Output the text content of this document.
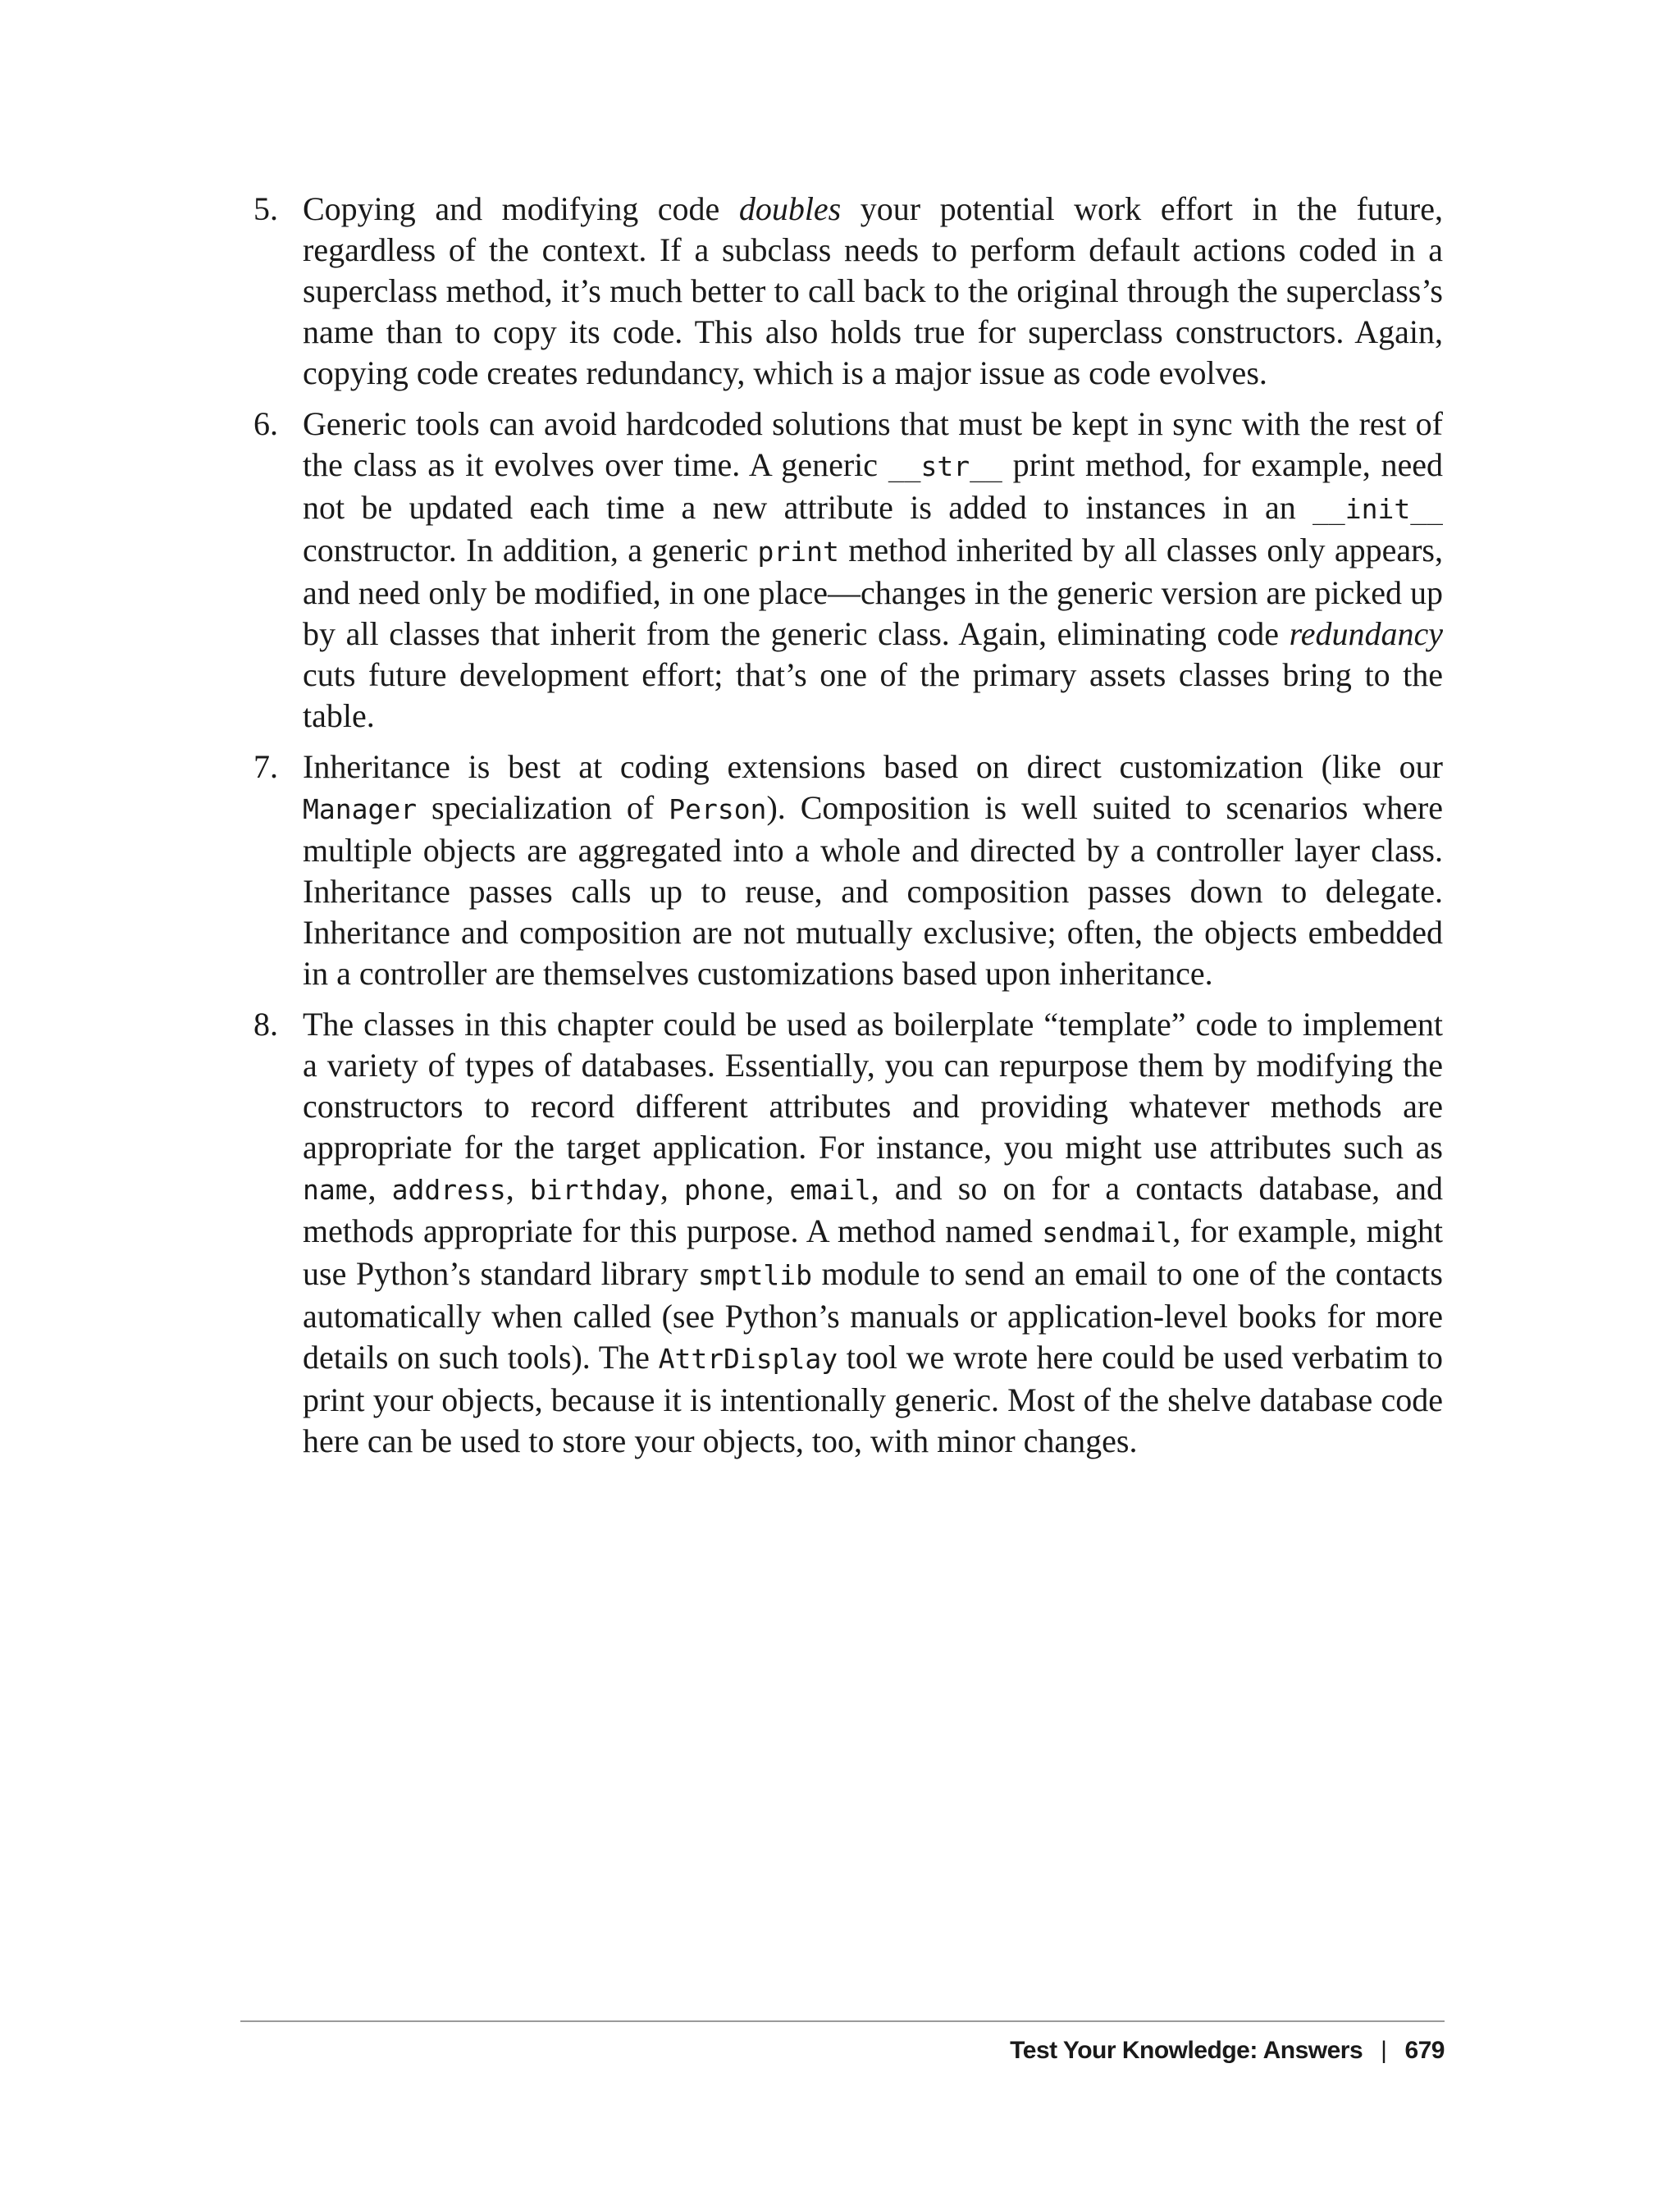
5. Copying and modifying code doubles your potential work effort in the future, regardless of the context. If a subclass needs to perform default actions coded in a superclass method, it’s much better to call back to the original through the superclass’s name than to copy its code. This also holds true for superclass constructors. Again, copying code creates redundancy, which is a major issue as code evolves.
6. Generic tools can avoid hardcoded solutions that must be kept in sync with the rest of the class as it evolves over time. A generic __str__ print method, for example, need not be updated each time a new attribute is added to instances in an __init__ constructor. In addition, a generic print method inherited by all classes only appears, and need only be modified, in one place—changes in the generic version are picked up by all classes that inherit from the generic class. Again, eliminating code redundancy cuts future development effort; that’s one of the primary assets classes bring to the table.
7. Inheritance is best at coding extensions based on direct customization (like our Manager specialization of Person). Composition is well suited to scenarios where multiple objects are aggregated into a whole and directed by a controller layer class. Inheritance passes calls up to reuse, and composition passes down to delegate. Inheritance and composition are not mutually exclusive; often, the objects embedded in a controller are themselves customizations based upon inheritance.
8. The classes in this chapter could be used as boilerplate “template” code to implement a variety of types of databases. Essentially, you can repurpose them by modifying the constructors to record different attributes and providing whatever methods are appropriate for the target application. For instance, you might use attributes such as name, address, birthday, phone, email, and so on for a contacts database, and methods appropriate for this purpose. A method named sendmail, for example, might use Python’s standard library smptlib module to send an email to one of the contacts automatically when called (see Python’s manuals or application-level books for more details on such tools). The AttrDisplay tool we wrote here could be used verbatim to print your objects, because it is intentionally generic. Most of the shelve database code here can be used to store your objects, too, with minor changes.
Test Your Knowledge: Answers | 679
